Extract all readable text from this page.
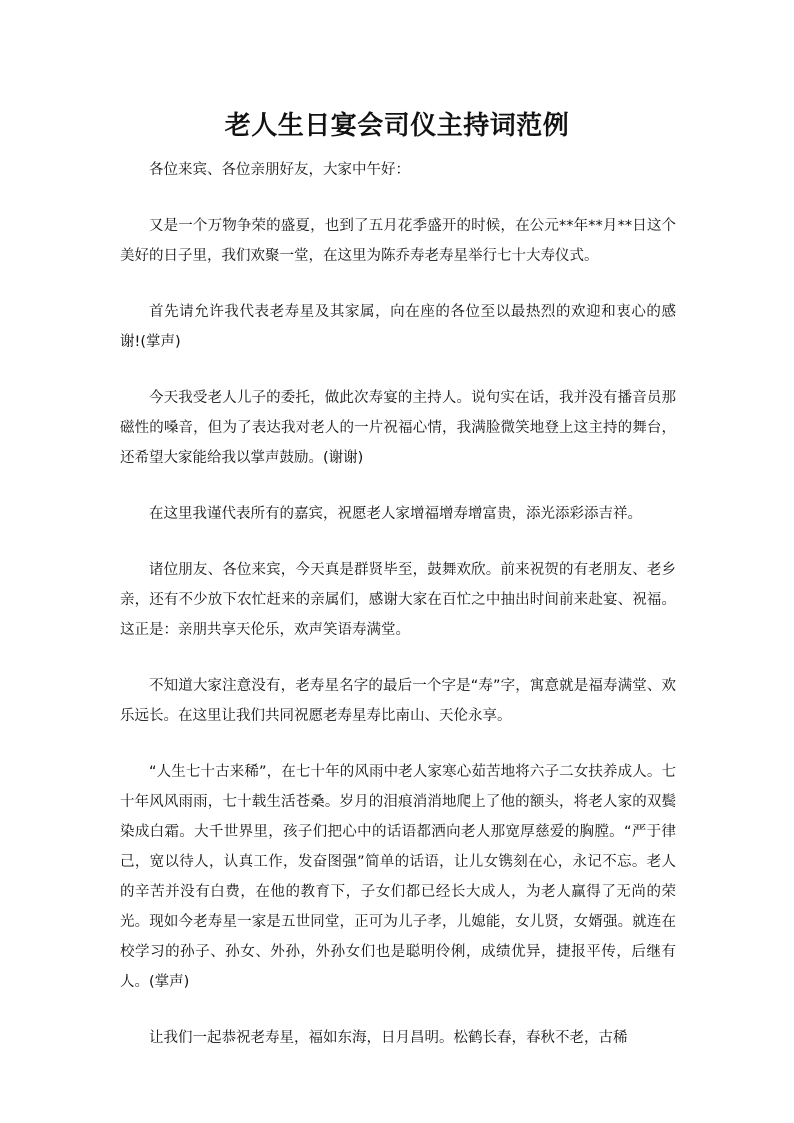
老人生日宴会司仪主持词范例

各位来宾、各位亲朋好友，大家中午好：

又是一个万物争荣的盛夏，也到了五月花季盛开的时候，在公元**年**月**日这个美好的日子里，我们欢聚一堂，在这里为陈乔寿老寿星举行七十大寿仪式。

首先请允许我代表老寿星及其家属，向在座的各位至以最热烈的欢迎和衷心的感谢!(掌声)

今天我受老人儿子的委托，做此次寿宴的主持人。说句实在话，我并没有播音员那磁性的嗓音，但为了表达我对老人的一片祝福心情，我满脸微笑地登上这主持的舞台，还希望大家能给我以掌声鼓励。(谢谢)

在这里我谨代表所有的嘉宾，祝愿老人家增福增寿增富贵，添光添彩添吉祥。

诸位朋友、各位来宾，今天真是群贤毕至，鼓舞欢欣。前来祝贺的有老朋友、老乡亲，还有不少放下农忙赶来的亲属们，感谢大家在百忙之中抽出时间前来赴宴、祝福。这正是：亲朋共享天伦乐，欢声笑语寿满堂。

不知道大家注意没有，老寿星名字的最后一个字是“寿”字，寓意就是福寿满堂、欢乐远长。在这里让我们共同祝愿老寿星寿比南山、天伦永享。

“人生七十古来稀”，在七十年的风雨中老人家寒心茹苦地将六子二女扶养成人。七十年风风雨雨，七十载生活苍桑。岁月的泪痕消消地爬上了他的额头，将老人家的双鬓染成白霜。大千世界里，孩子们把心中的话语都洒向老人那宽厚慈爱的胸膛。“严于律己，宽以待人，认真工作，发奋图强”简单的话语，让儿女镌刻在心，永记不忘。老人的辛苦并没有白费，在他的教育下，子女们都已经长大成人，为老人赢得了无尚的荣光。现如今老寿星一家是五世同堂，正可为儿子孝，儿媳能，女儿贤，女婿强。就连在校学习的孙子、孙女、外孙，外孙女们也是聪明伶俐，成绩优异，捷报平传，后继有人。(掌声)

让我们一起恭祝老寿星，福如东海，日月昌明。松鹤长春，春秋不老，古稀
